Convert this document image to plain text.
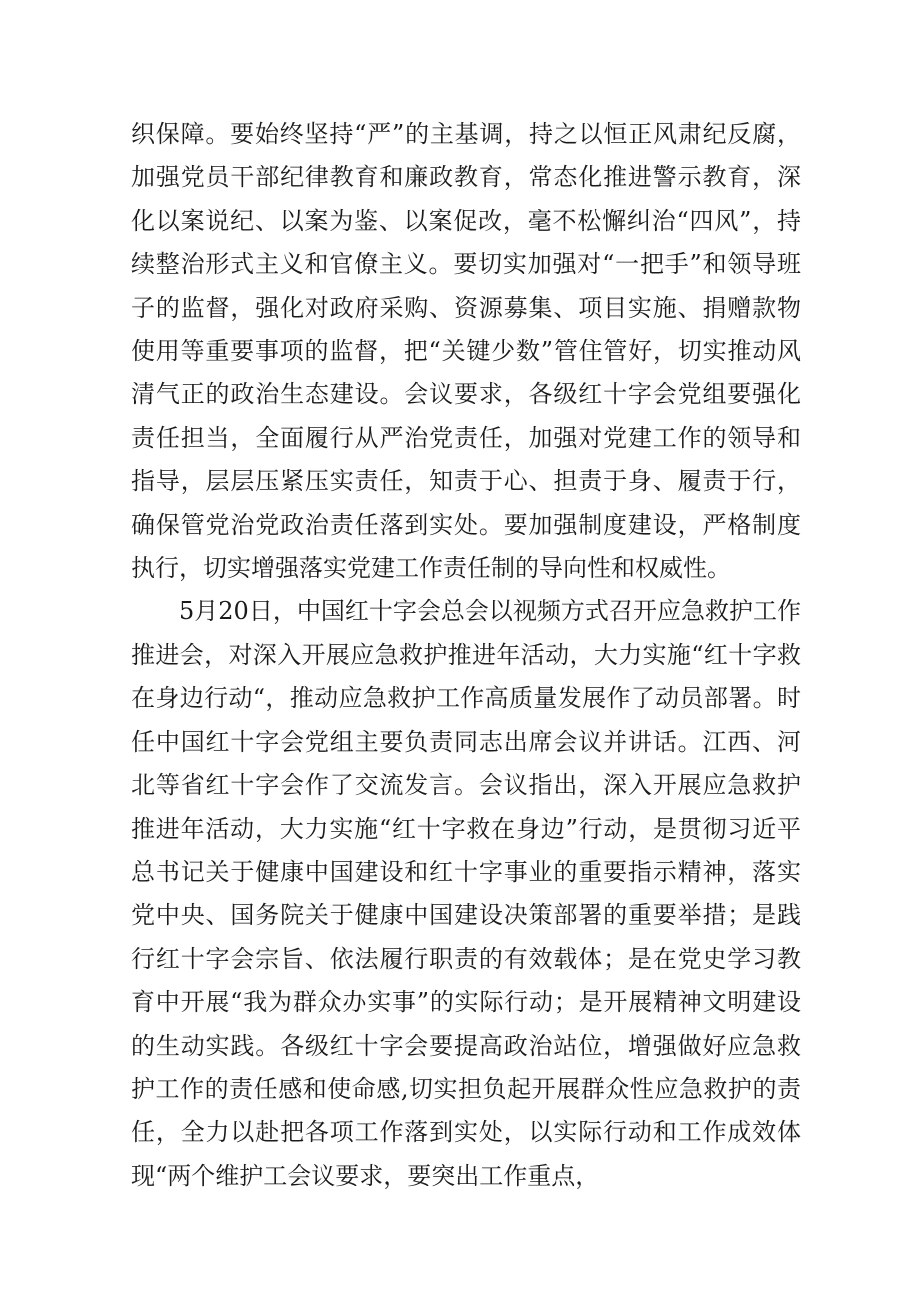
织保障。要始终坚持“严”的主基调，持之以恒正风肃纪反腐，加强党员干部纪律教育和廉政教育，常态化推进警示教育，深化以案说纪、以案为鉴、以案促改，毫不松懈纠治“四风”，持续整治形式主义和官僚主义。要切实加强对“一把手”和领导班子的监督，强化对政府采购、资源募集、项目实施、捐赠款物使用等重要事项的监督，把“关键少数”管住管好，切实推动风清气正的政治生态建设。会议要求，各级红十字会党组要强化责任担当，全面履行从严治党责任，加强对党建工作的领导和指导，层层压紧压实责任，知责于心、担责于身、履责于行，确保管党治党政治责任落到实处。要加强制度建设，严格制度执行，切实增强落实党建工作责任制的导向性和权威性。

5月20日，中国红十字会总会以视频方式召开应急救护工作推进会，对深入开展应急救护推进年活动，大力实施“红十字救在身边行动“，推动应急救护工作高质量发展作了动员部署。时任中国红十字会党组主要负责同志出席会议并讲话。江西、河北等省红十字会作了交流发言。会议指出，深入开展应急救护推进年活动，大力实施“红十字救在身边”行动，是贯彻习近平总书记关于健康中国建设和红十字事业的重要指示精神，落实党中央、国务院关于健康中国建设决策部署的重要举措；是践行红十字会宗旨、依法履行职责的有效载体；是在党史学习教育中开展“我为群众办实事”的实际行动；是开展精神文明建设的生动实践。各级红十字会要提高政治站位，增强做好应急救护工作的责任感和使命感,切实担负起开展群众性应急救护的责任，全力以赴把各项工作落到实处，以实际行动和工作成效体现“两个维护工会议要求，要突出工作重点，
